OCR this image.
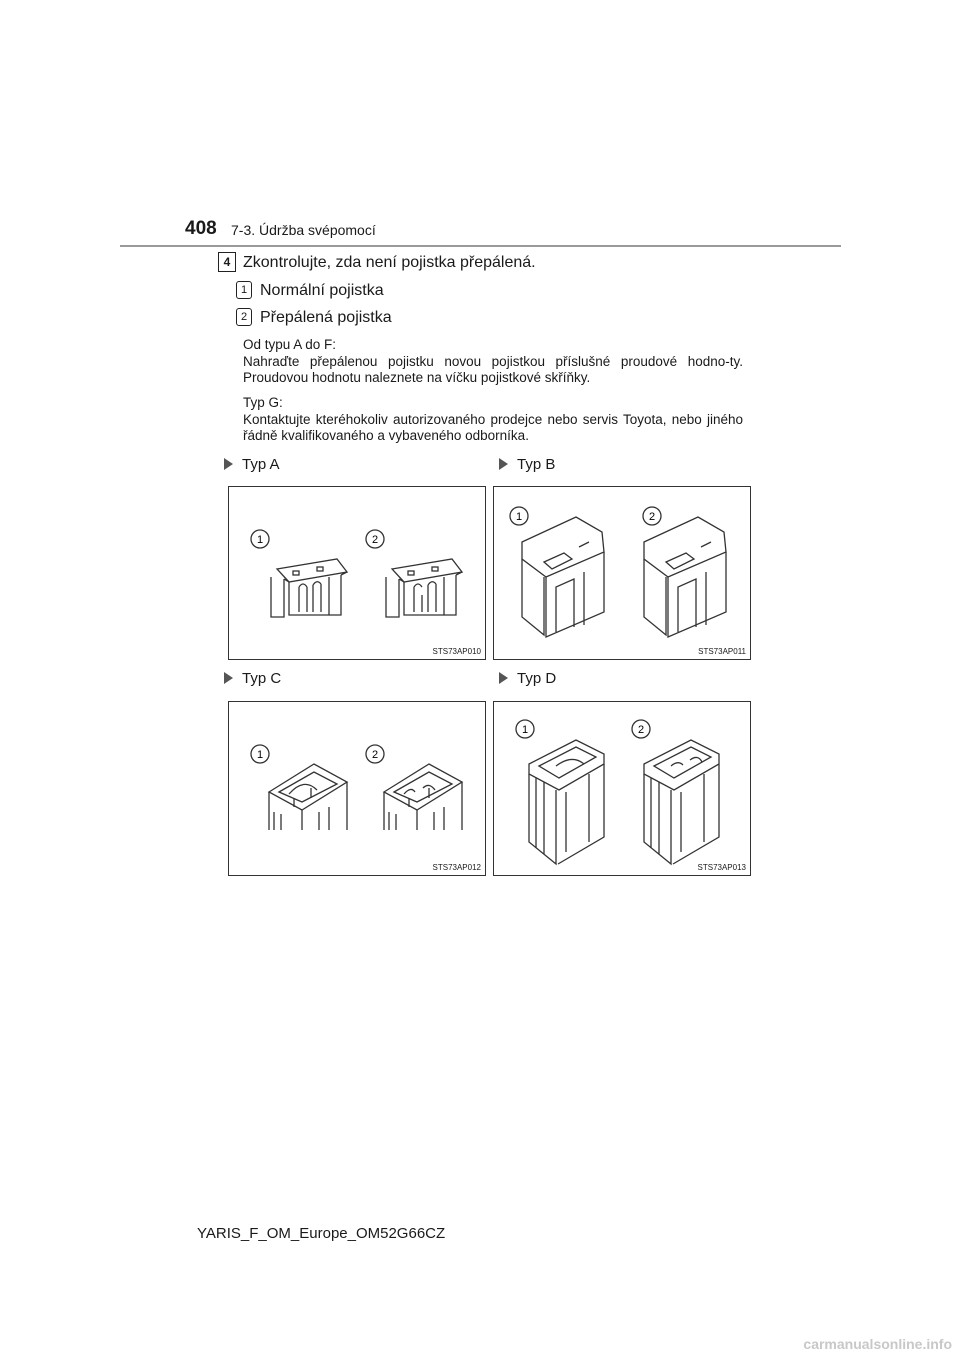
408 7-3. Údržba svépomocí
4 Zkontrolujte, zda není pojistka přepálená.
1 Normální pojistka
2 Přepálená pojistka

Od typu A do F:

Nahraďte přepálenou pojistku novou pojistkou příslušné proudové hodno-ty. Proudovou hodnotu naleznete na víčku pojistkové skříňky.

Typ G:

Kontaktujte kteréhokoliv autorizovaného prodejce nebo servis Toyota, nebo jiného řádně kvalifikovaného a vybaveného odborníka.

Typ A	Typ B
Typ C	Typ D
1	2
STS73AP010
1	2
STS73AP011
1	2
STS73AP012
1	2
STS73AP013
YARIS_F_OM_Europe_OM52G66CZ
carmanualsonline.info
